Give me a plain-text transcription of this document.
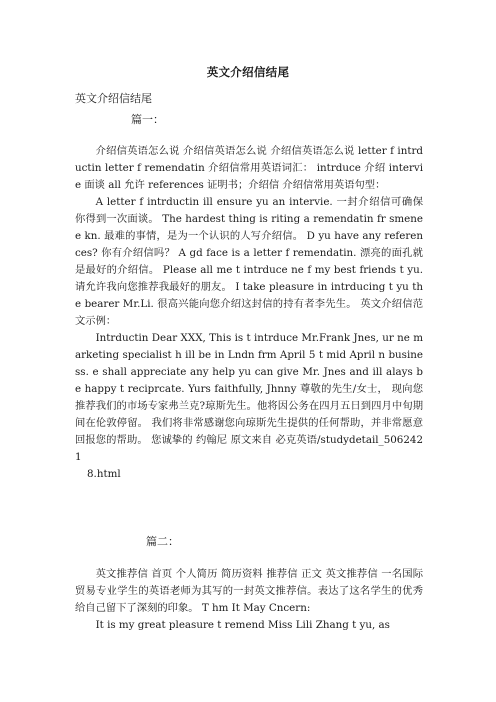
英文介绍信结尾
英文介绍信结尾
篇一：

介绍信英语怎么说 介绍信英语怎么说 介绍信英语怎么说 letter f intrductin letter f remendatin 介绍信常用英语词汇： intrduce 介绍 intervie 面谈 all 允许 references 证明书；介绍信 介绍信常用英语句型：

A letter f intrductin ill ensure yu an intervie. 一封介绍信可确保你得到一次面谈。 The hardest thing is riting a remendatin fr smene e kn. 最难的事情，是为一个认识的人写介绍信。 D yu have any references? 你有介绍信吗？ A gd face is a letter f remendatin. 漂亮的面孔就是最好的介绍信。 Please all me t intrduce ne f my best friends t yu. 请允许我向您推荐我最好的朋友。 I take pleasure in intrducing t yu the bearer Mr.Li. 很高兴能向您介绍这封信的持有者李先生。 英文介绍信范文示例：

Intrductin Dear XXX, This is t intrduce Mr.Frank Jnes, ur ne marketing specialist h ill be in Lndn frm April 5 t mid April n business. e shall appreciate any help yu can give Mr. Jnes and ill alays be happy t reciprcate. Yurs faithfully, Jhnny 尊敬的先生/女士， 现向您推荐我们的市场专家弗兰克?琼斯先生。他将因公务在四月五日到四月中旬期间在伦敦停留。 我们将非常感谢您向琼斯先生提供的任何帮助，并非常愿意回报您的帮助。 您诚挚的 约翰尼 原文来自 必克英语/studydetail_5062421

8.html

篇二：

英文推荐信 首页 个人简历 简历资料 推荐信 正文 英文推荐信 一名国际贸易专业学生的英语老师为其写的一封英文推荐信。表达了这名学生的优秀给自己留下了深刻的印象。 T hm It May Cncern:

It is my great pleasure t remend Miss Lili Zhang t yu, as
